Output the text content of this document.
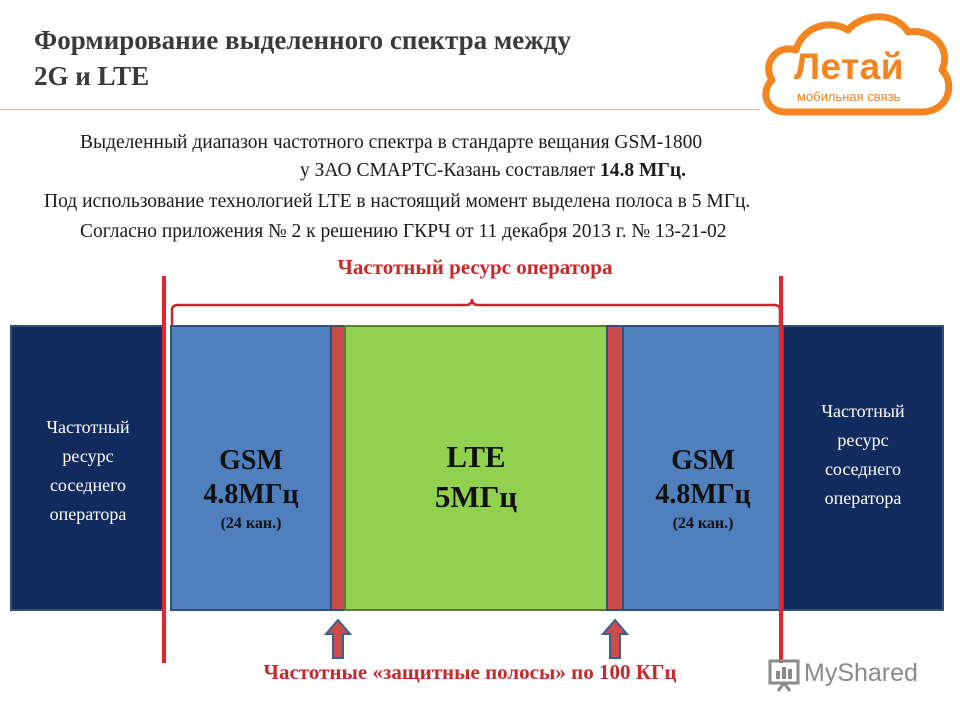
Формирование выделенного спектра между
2G и LTE	Летай
мобильная связь
Выделенный диапазон частотного спектра в стандарте вещания GSM-1800
у ЗАО СМАРТС-Казань составляет 14.8 МГц.
Под использование технологией LTE в настоящий момент выделена полоса в 5 МГц.
Согласно приложения № 2 к решению ГКРЧ от 11 декабря 2013 г. № 13-21-02
Частотный ресурс оператора
Частотный
ресурс
соседнего
оператора
GSM
4.8МГц
(24 кан.)
LTE
5МГц
GSM
4.8МГц
(24 кан.)
Частотный
ресурс
соседнего
оператора
Частотные «защитные полосы» по 100 КГц	MyShared
